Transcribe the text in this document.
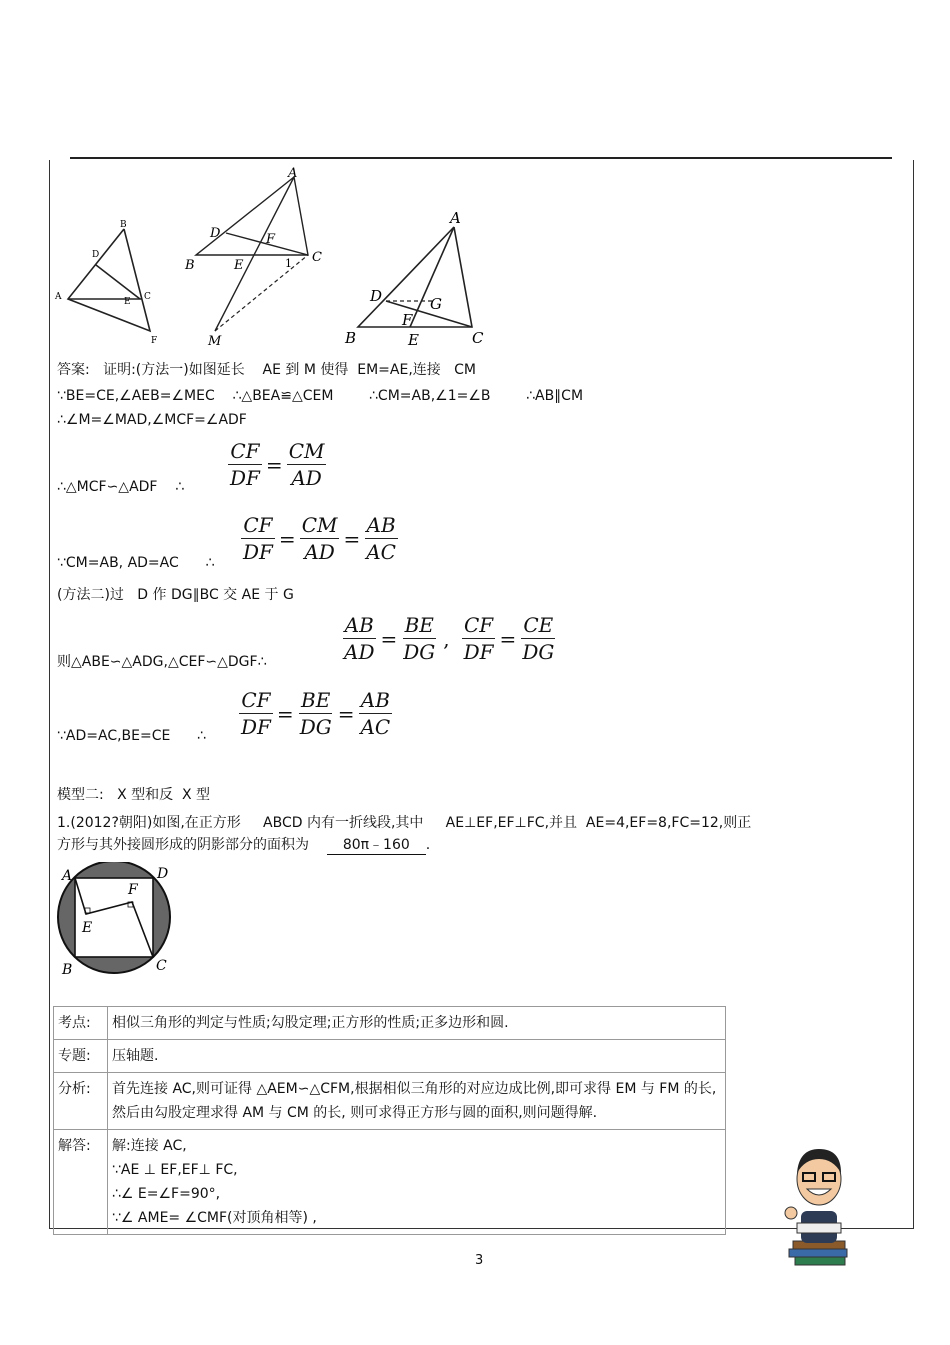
B
D
A	E C
F
A
D	F
B	E	1 C
M
A
D	G
F
B	E	C
答案:   证明:(方法一)如图延长    AE 到 M 使得  EM=AE,连接   CM
∵BE=CE,∠AEB=∠MEC    ∴△BEA≌△CEM        ∴CM=AB,∠1=∠B        ∴AB∥CM
∴∠M=∠MAD,∠MCF=∠ADF
∴△MCF∽△ADF    ∴ $\frac{CF}{DF} = \frac{CM}{AD}$
∵CM=AB, AD=AC      ∴ $\frac{CF}{DF} = \frac{CM}{AD} = \frac{AB}{AC}$
(方法二)过   D 作 DG∥BC 交 AE 于 G
则△ABE∽△ADG,△CEF∽△DGF∴	$\frac{AB}{AD} = \frac{BE}{DG}$ , $\frac{CF}{DF} = \frac{CE}{DG}$
∵AD=AC,BE=CE      ∴ $\frac{CF}{DF} = \frac{BE}{DG} = \frac{AB}{AC}$
模型二:   X 型和反  X 型
1.(2012?朝阳)如图,在正方形     ABCD 内有一折线段,其中     AE⊥EF,EF⊥FC,并且  AE=4,EF=8,FC=12,则正
方形与其外接圆形成的阴影部分的面积为 80π﹣160 .
A	D
F
E
B	C
考点:	相似三角形的判定与性质;勾股定理;正方形的性质;正多边形和圆.
专题:	压轴题.
分析:	首先连接 AC,则可证得 △AEM∽△CFM,根据相似三角形的对应边成比例,即可求得 EM 与 FM 的长,然后由勾股定理求得 AM 与 CM 的长, 则可求得正方形与圆的面积,则问题得解.
解答:	解:连接 AC,
∵AE ⊥ EF,EF⊥ FC,
∴∠ E=∠F=90°,
∵∠ AME= ∠CMF(对顶角相等) ,
3
